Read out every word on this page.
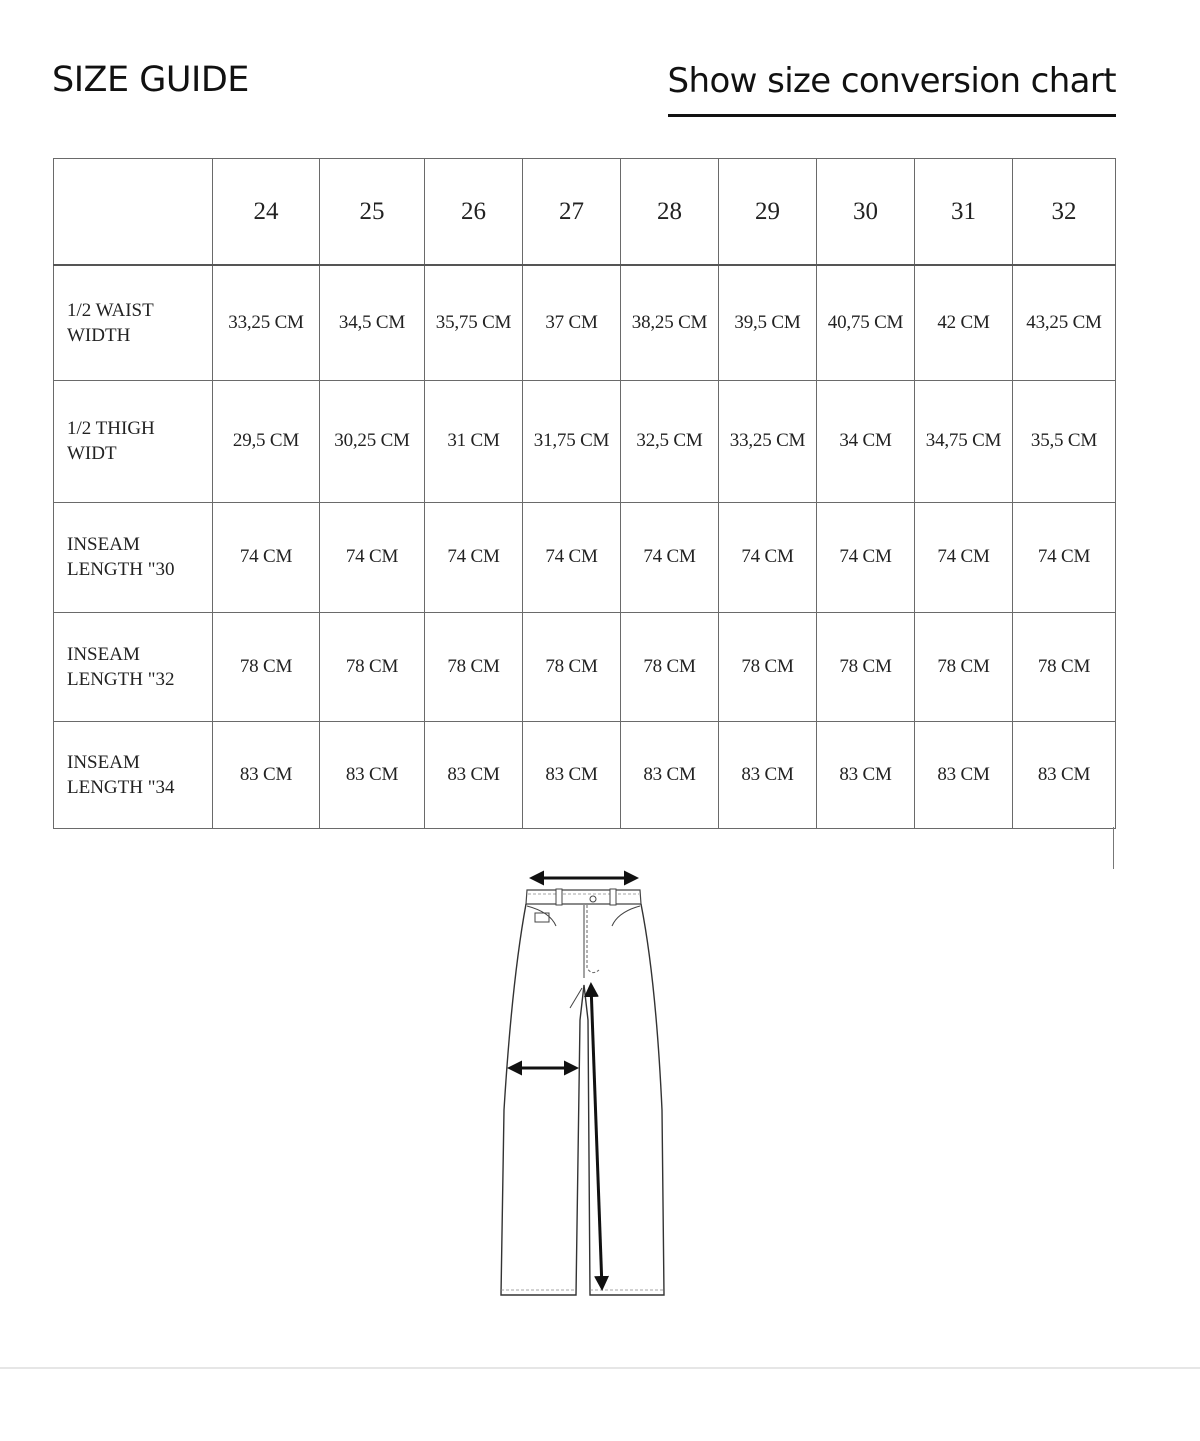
SIZE GUIDE	Show size conversion chart
	24	25	26	27	28	29	30	31	32
1/2 WAIST
WIDTH	33,25 CM	34,5 CM	35,75 CM	37 CM	38,25 CM	39,5 CM	40,75 CM	42 CM	43,25 CM
1/2 THIGH
WIDT	29,5 CM	30,25 CM	31 CM	31,75 CM	32,5 CM	33,25 CM	34 CM	34,75 CM	35,5 CM
INSEAM
LENGTH "30	74 CM	74 CM	74 CM	74 CM	74 CM	74 CM	74 CM	74 CM	74 CM
INSEAM
LENGTH "32	78 CM	78 CM	78 CM	78 CM	78 CM	78 CM	78 CM	78 CM	78 CM
INSEAM
LENGTH "34	83 CM	83 CM	83 CM	83 CM	83 CM	83 CM	83 CM	83 CM	83 CM
